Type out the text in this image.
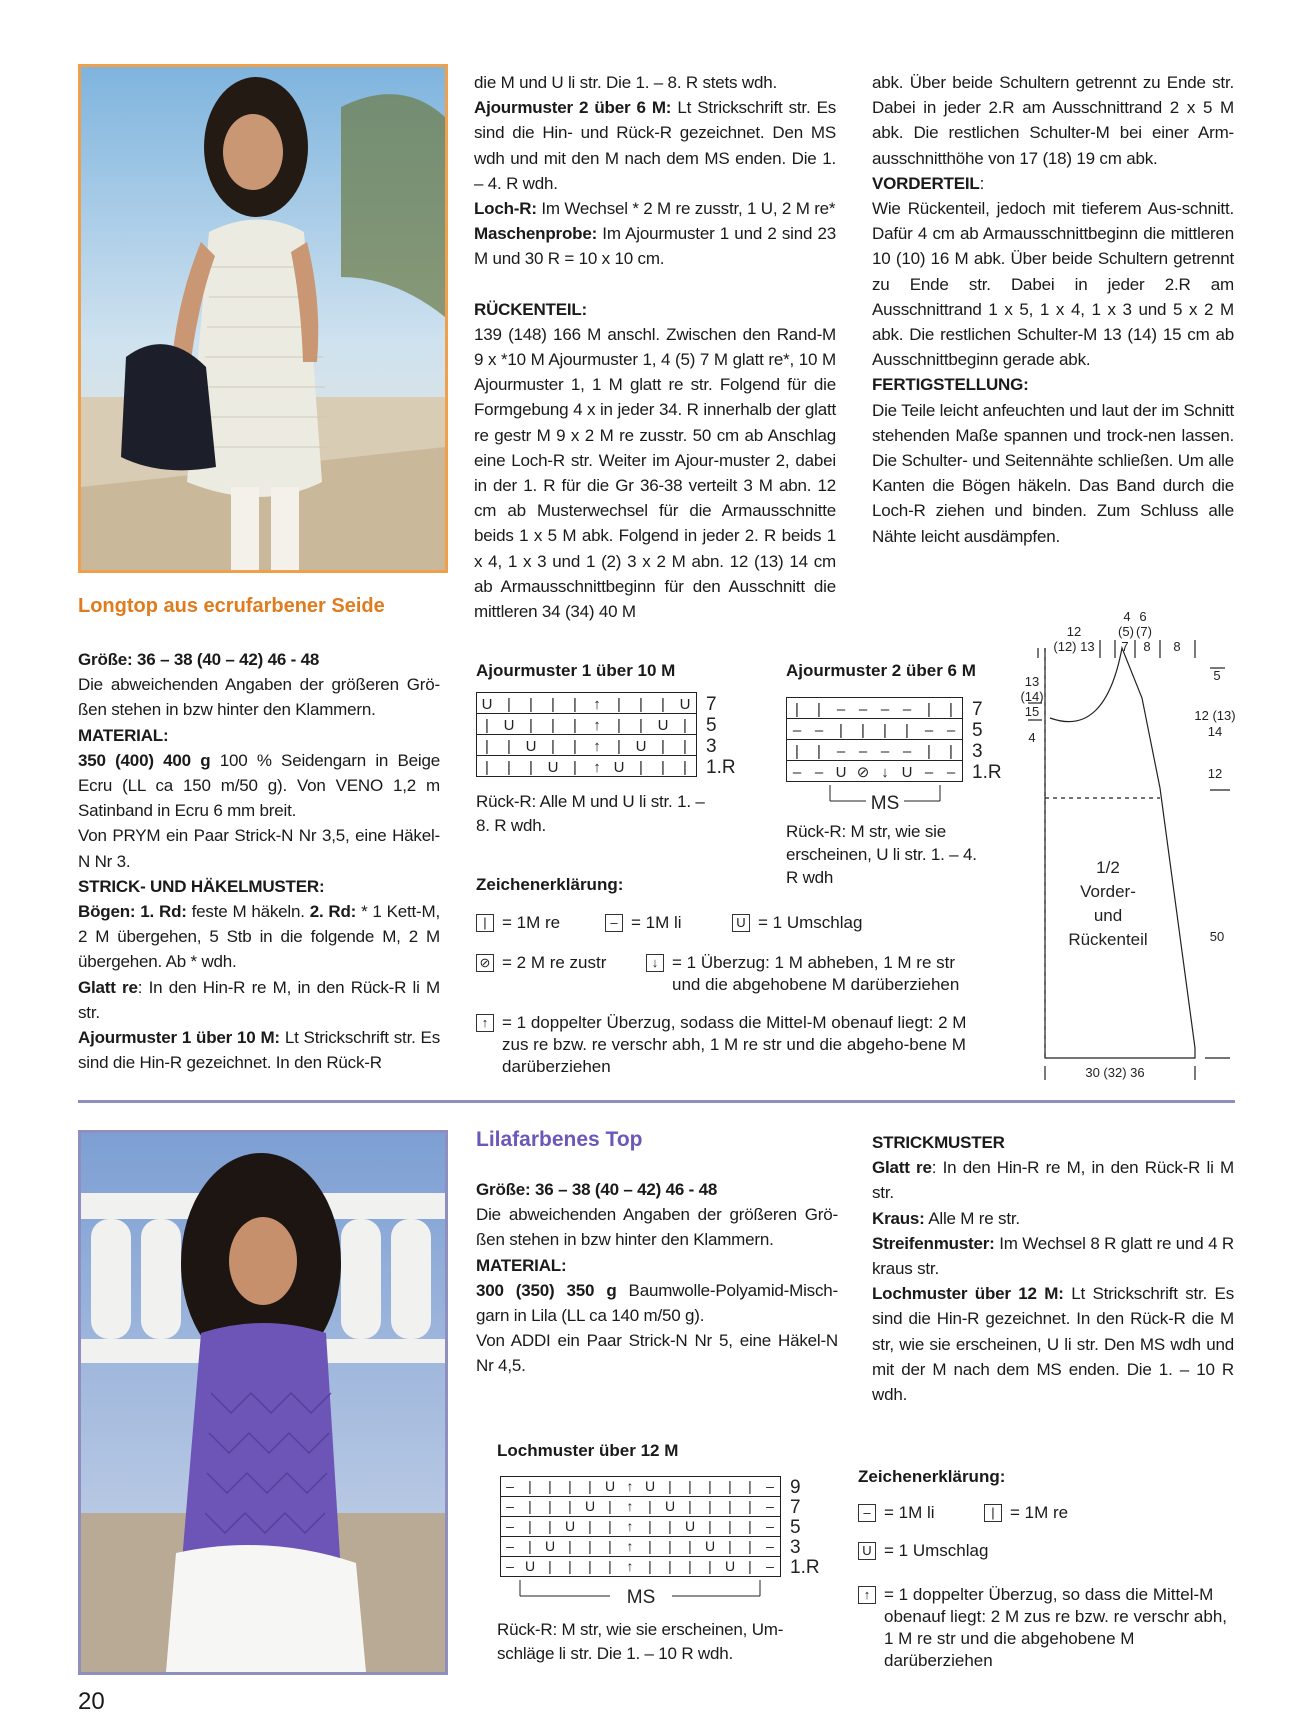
Longtop aus ecrufarbener Seide

Größe: 36 – 38 (40 – 42) 46 - 48

Die abweichenden Angaben der größeren Grö-ßen stehen in bzw hinter den Klammern.

MATERIAL:

350 (400) 400 g 100 % Seidengarn in Beige Ecru (LL ca 150 m/50 g). Von VENO 1,2 m Satinband in Ecru 6 mm breit.

Von PRYM ein Paar Strick-N Nr 3,5, eine Häkel-N Nr 3.

STRICK- UND HÄKELMUSTER:

Bögen: 1. Rd: feste M häkeln. 2. Rd: * 1 Kett-M, 2 M übergehen, 5 Stb in die folgende M, 2 M übergehen. Ab * wdh.

Glatt re: In den Hin-R re M, in den Rück-R li M str.

Ajourmuster 1 über 10 M: Lt Strickschrift str. Es sind die Hin-R gezeichnet. In den Rück-R

die M und U li str. Die 1. – 8. R stets wdh.

Ajourmuster 2 über 6 M: Lt Strickschrift str. Es sind die Hin- und Rück-R gezeichnet. Den MS wdh und mit den M nach dem MS enden. Die 1. – 4. R wdh.

Loch-R: Im Wechsel * 2 M re zusstr, 1 U, 2 M re*

Maschenprobe: Im Ajourmuster 1 und 2 sind 23 M und 30 R = 10 x 10 cm.

RÜCKENTEIL:

139 (148) 166 M anschl. Zwischen den Rand-M 9 x *10 M Ajourmuster 1, 4 (5) 7 M glatt re*, 10 M Ajourmuster 1, 1 M glatt re str. Folgend für die Formgebung 4 x in jeder 34. R innerhalb der glatt re gestr M 9 x 2 M re zusstr. 50 cm ab Anschlag eine Loch-R str. Weiter im Ajour-muster 2, dabei in der 1. R für die Gr 36-38 verteilt 3 M abn. 12 cm ab Musterwechsel für die Armausschnitte beids 1 x 5 M abk. Folgend in jeder 2. R beids 1 x 4, 1 x 3 und 1 (2) 3 x 2 M abn. 12 (13) 14 cm ab Armausschnittbeginn für den Ausschnitt die mittleren 34 (34) 40 M

abk. Über beide Schultern getrennt zu Ende str. Dabei in jeder 2.R am Ausschnittrand 2 x 5 M abk. Die restlichen Schulter-M bei einer Arm-ausschnitthöhe von 17 (18) 19 cm abk.

VORDERTEIL:

Wie Rückenteil, jedoch mit tieferem Aus-schnitt. Dafür 4 cm ab Armausschnittbeginn die mittleren 10 (10) 16 M abk. Über beide Schultern getrennt zu Ende str. Dabei in jeder 2.R am Ausschnittrand 1 x 5, 1 x 4, 1 x 3 und 5 x 2 M abk. Die restlichen Schulter-M 13 (14) 15 cm ab Ausschnittbeginn gerade abk.

FERTIGSTELLUNG:

Die Teile leicht anfeuchten und laut der im Schnitt stehenden Maße spannen und trock-nen lassen. Die Schulter- und Seitennähte schließen. Um alle Kanten die Bögen häkeln. Das Band durch die Loch-R ziehen und binden. Zum Schluss alle Nähte leicht ausdämpfen.

Ajourmuster 1 über 10 M
U | | | | ↑ | | | U
| U | | | ↑ | | U |
| | U | | ↑ | U | |
| | | U | ↑ U | | |
7
5
3
1.R
Rück-R: Alle M und U li str. 1. – 8. R wdh.
Ajourmuster 2 über 6 M
| | – – – – | |
– – | | | | – –
| | – – – – | |
– – U ⊘ ↓ U – –
7
5
3
1.R
MS
Rück-R: M str, wie sie erscheinen, U li str. 1. – 4. R wdh
Zeichenerklärung:
| = 1M re	– = 1M li	U = 1 Umschlag
⊘ = 2 M re zustr	↓ = 1 Überzug: 1 M abheben, 1 M re str und die abgehobene M darüberziehen
↑ = 1 doppelter Überzug, sodass die Mittel-M obenauf liegt: 2 M zus re bzw. re verschr abh, 1 M re str und die abgeho-bene M darüberziehen
4 6
12	(5) (7)
(12) 13 7 8 8
13
(14)
15
4
5
12 (13)
14
12
50
30 (32) 36
1/2
Vorder-
und
Rückenteil
Lilafarbenes Top

Größe: 36 – 38 (40 – 42) 46 - 48

Die abweichenden Angaben der größeren Grö-ßen stehen in bzw hinter den Klammern.

MATERIAL:

300 (350) 350 g Baumwolle-Polyamid-Misch-garn in Lila (LL ca 140 m/50 g).

Von ADDI ein Paar Strick-N Nr 5, eine Häkel-N Nr 4,5.

STRICKMUSTER

Glatt re: In den Hin-R re M, in den Rück-R li M str.

Kraus: Alle M re str.

Streifenmuster: Im Wechsel 8 R glatt re und 4 R kraus str.

Lochmuster über 12 M: Lt Strickschrift str. Es sind die Hin-R gezeichnet. In den Rück-R die M str, wie sie erscheinen, U li str. Den MS wdh und mit der M nach dem MS enden. Die 1. – 10 R wdh.

Lochmuster über 12 M
– | | | | U ↑ U | | | | | –
– | | | U | ↑ | U | | | | –
– | | U | | ↑ | | U | | | –
– | U | | | ↑ | | | U | | –
– U | | | | ↑ | | | | U | –
9
7
5
3
1.R
MS
Rück-R: M str, wie sie erscheinen, Um-schläge li str. Die 1. – 10 R wdh.
Zeichenerklärung:
– = 1M li	| = 1M re
U = 1 Umschlag
↑ = 1 doppelter Überzug, so dass die Mittel-M obenauf liegt: 2 M zus re bzw. re verschr abh, 1 M re str und die abgehobene M darüberziehen
20
